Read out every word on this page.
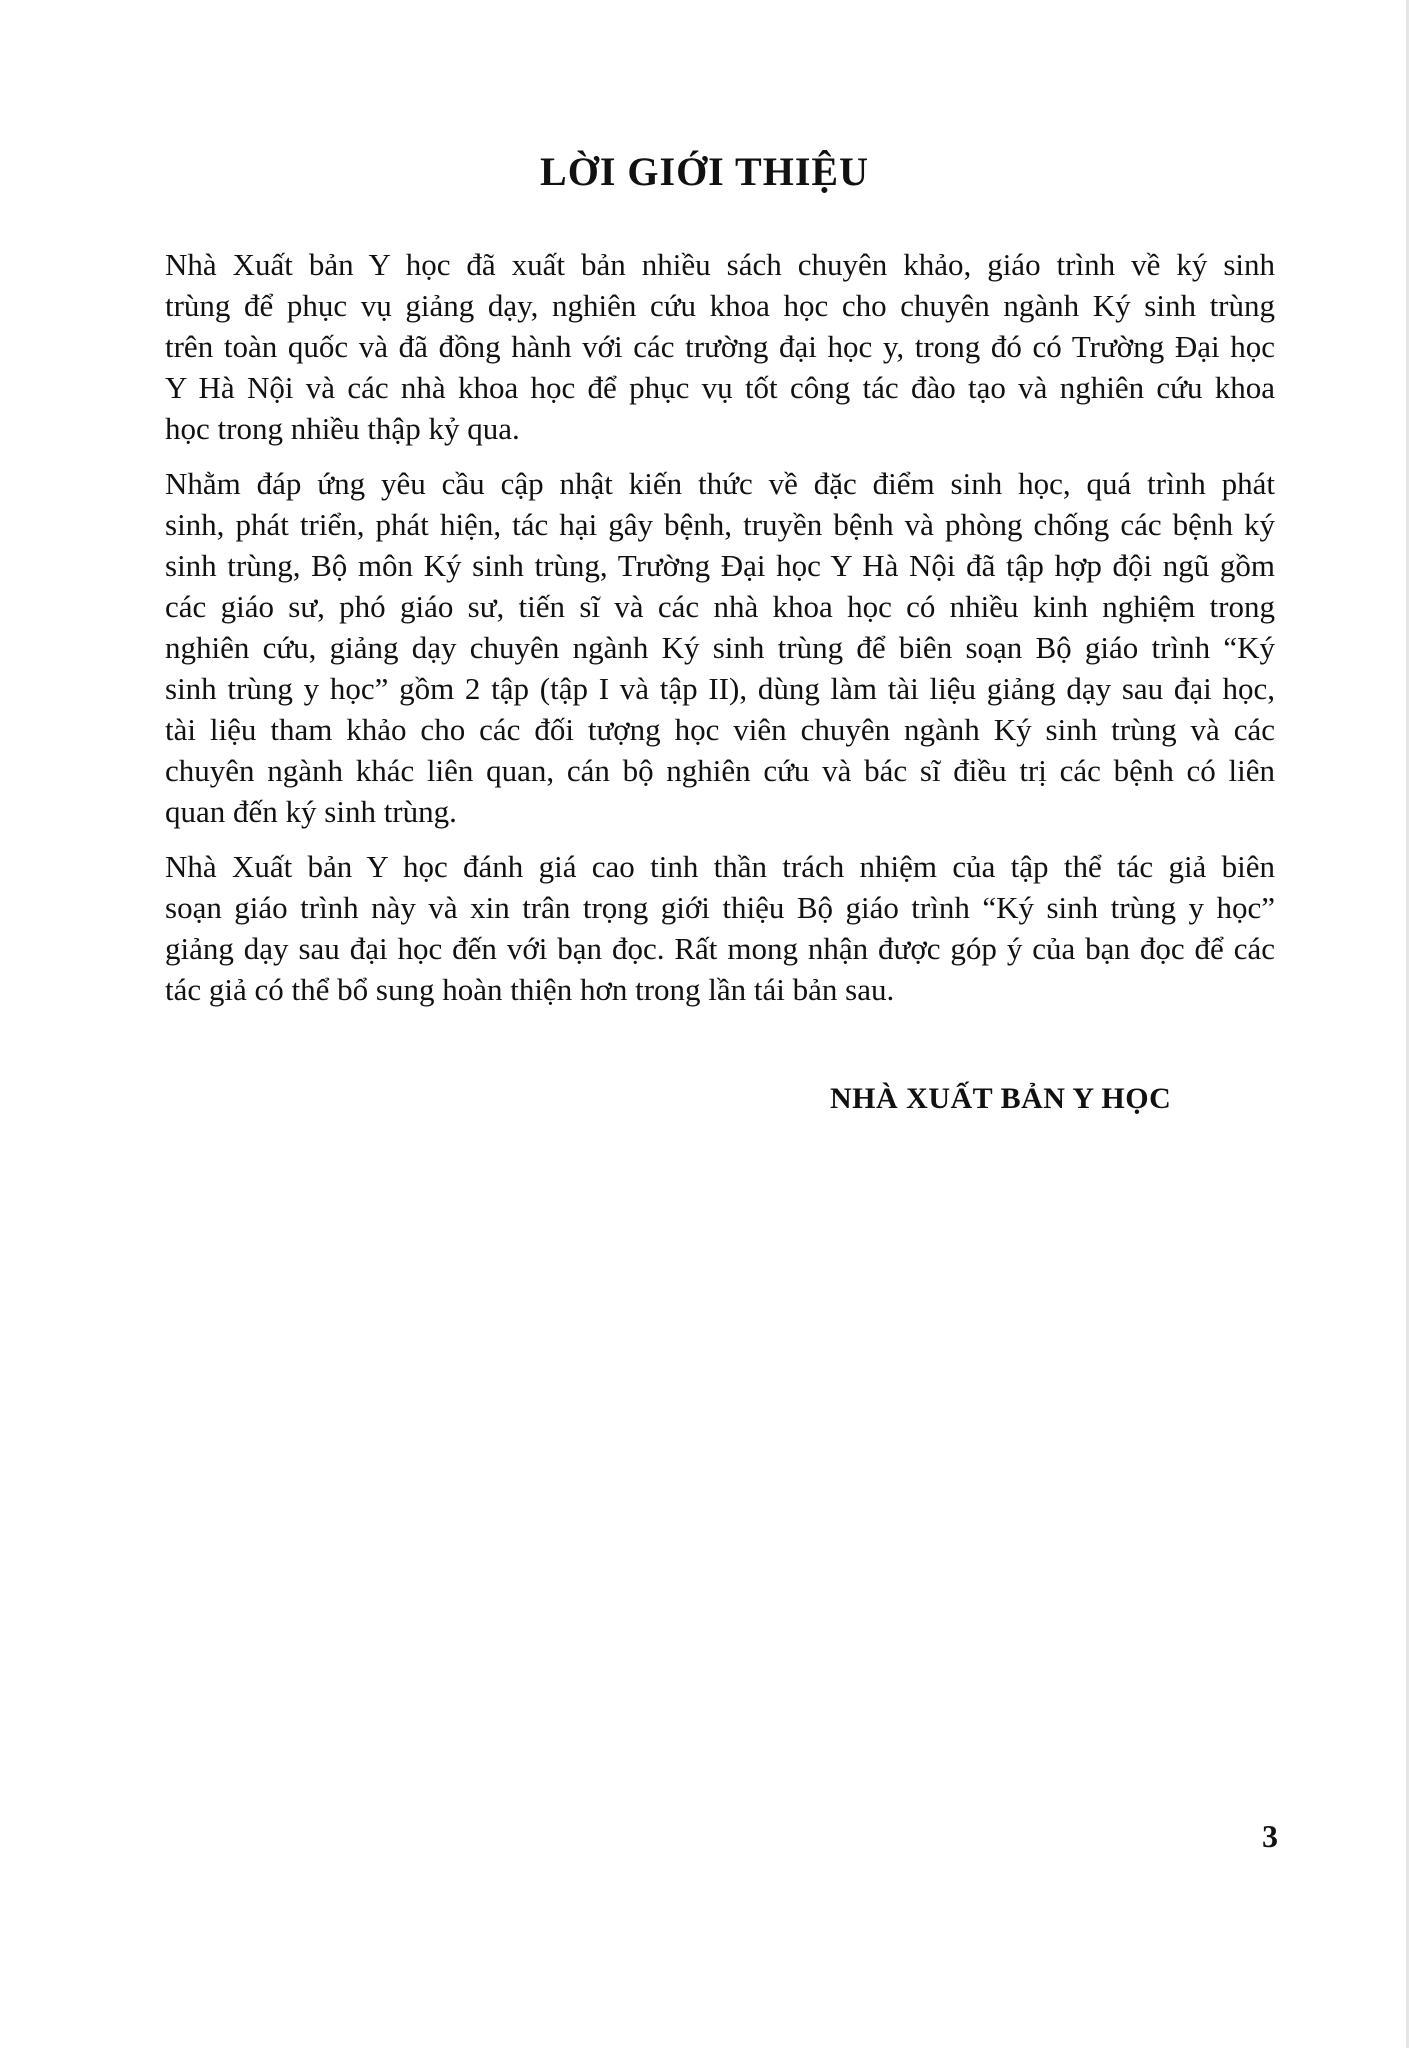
LỜI GIỚI THIỆU

Nhà Xuất bản Y học đã xuất bản nhiều sách chuyên khảo, giáo trình về ký sinh
trùng để phục vụ giảng dạy, nghiên cứu khoa học cho chuyên ngành Ký sinh trùng
trên toàn quốc và đã đồng hành với các trường đại học y, trong đó có Trường Đại học
Y Hà Nội và các nhà khoa học để phục vụ tốt công tác đào tạo và nghiên cứu khoa
học trong nhiều thập kỷ qua.

Nhằm đáp ứng yêu cầu cập nhật kiến thức về đặc điểm sinh học, quá trình phát
sinh, phát triển, phát hiện, tác hại gây bệnh, truyền bệnh và phòng chống các bệnh ký
sinh trùng, Bộ môn Ký sinh trùng, Trường Đại học Y Hà Nội đã tập hợp đội ngũ gồm
các giáo sư, phó giáo sư, tiến sĩ và các nhà khoa học có nhiều kinh nghiệm trong
nghiên cứu, giảng dạy chuyên ngành Ký sinh trùng để biên soạn Bộ giáo trình “Ký
sinh trùng y học” gồm 2 tập (tập I và tập II), dùng làm tài liệu giảng dạy sau đại học,
tài liệu tham khảo cho các đối tượng học viên chuyên ngành Ký sinh trùng và các
chuyên ngành khác liên quan, cán bộ nghiên cứu và bác sĩ điều trị các bệnh có liên
quan đến ký sinh trùng.

Nhà Xuất bản Y học đánh giá cao tinh thần trách nhiệm của tập thể tác giả biên
soạn giáo trình này và xin trân trọng giới thiệu Bộ giáo trình “Ký sinh trùng y học”
giảng dạy sau đại học đến với bạn đọc. Rất mong nhận được góp ý của bạn đọc để các
tác giả có thể bổ sung hoàn thiện hơn trong lần tái bản sau.

NHÀ XUẤT BẢN Y HỌC
3
